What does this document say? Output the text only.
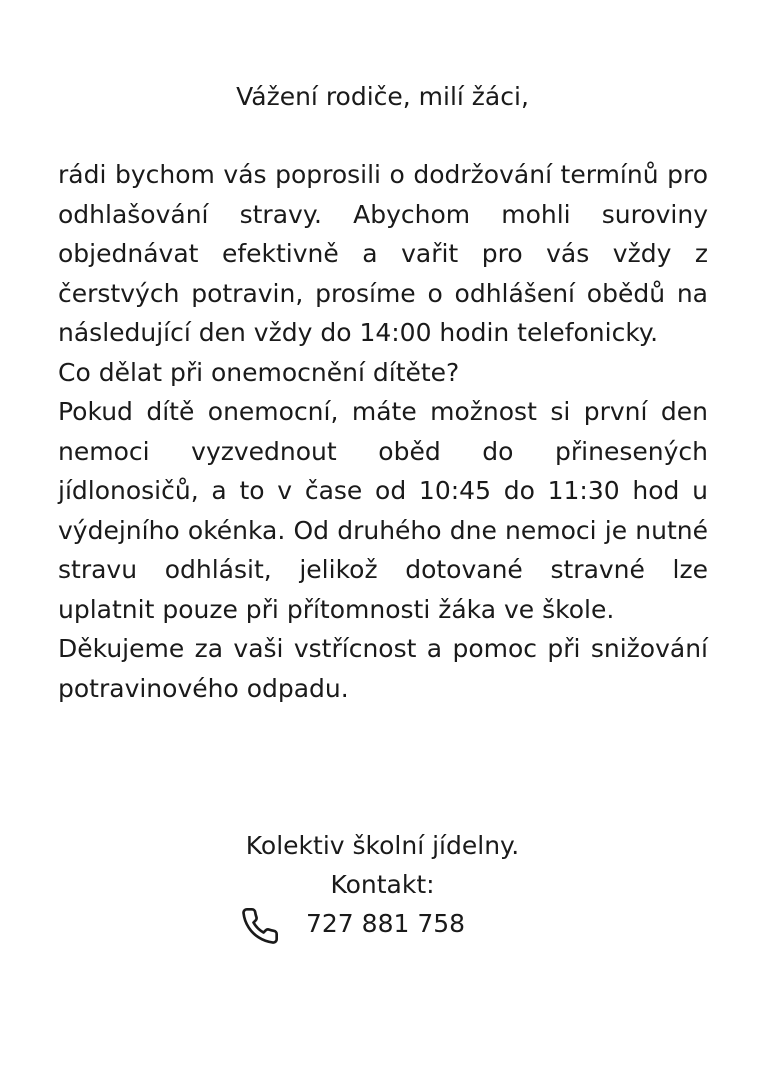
Vážení rodiče, milí žáci,

rádi bychom vás poprosili o dodržování termínů pro odhlašování stravy. Abychom mohli suroviny objednávat efektivně a vařit pro vás vždy z čerstvých potravin, prosíme o odhlášení obědů na následující den vždy do 14:00 hodin telefonicky.

Co dělat při onemocnění dítěte?

Pokud dítě onemocní, máte možnost si první den nemoci vyzvednout oběd do přinesených jídlonosičů, a to v čase od 10:45 do 11:30 hod u výdejního okénka. Od druhého dne nemoci je nutné stravu odhlásit, jelikož dotované stravné lze uplatnit pouze při přítomnosti žáka ve škole.

Děkujeme za vaši vstřícnost a pomoc při snižování potravinového odpadu.

Kolektiv školní jídelny.
Kontakt:
727 881 758
